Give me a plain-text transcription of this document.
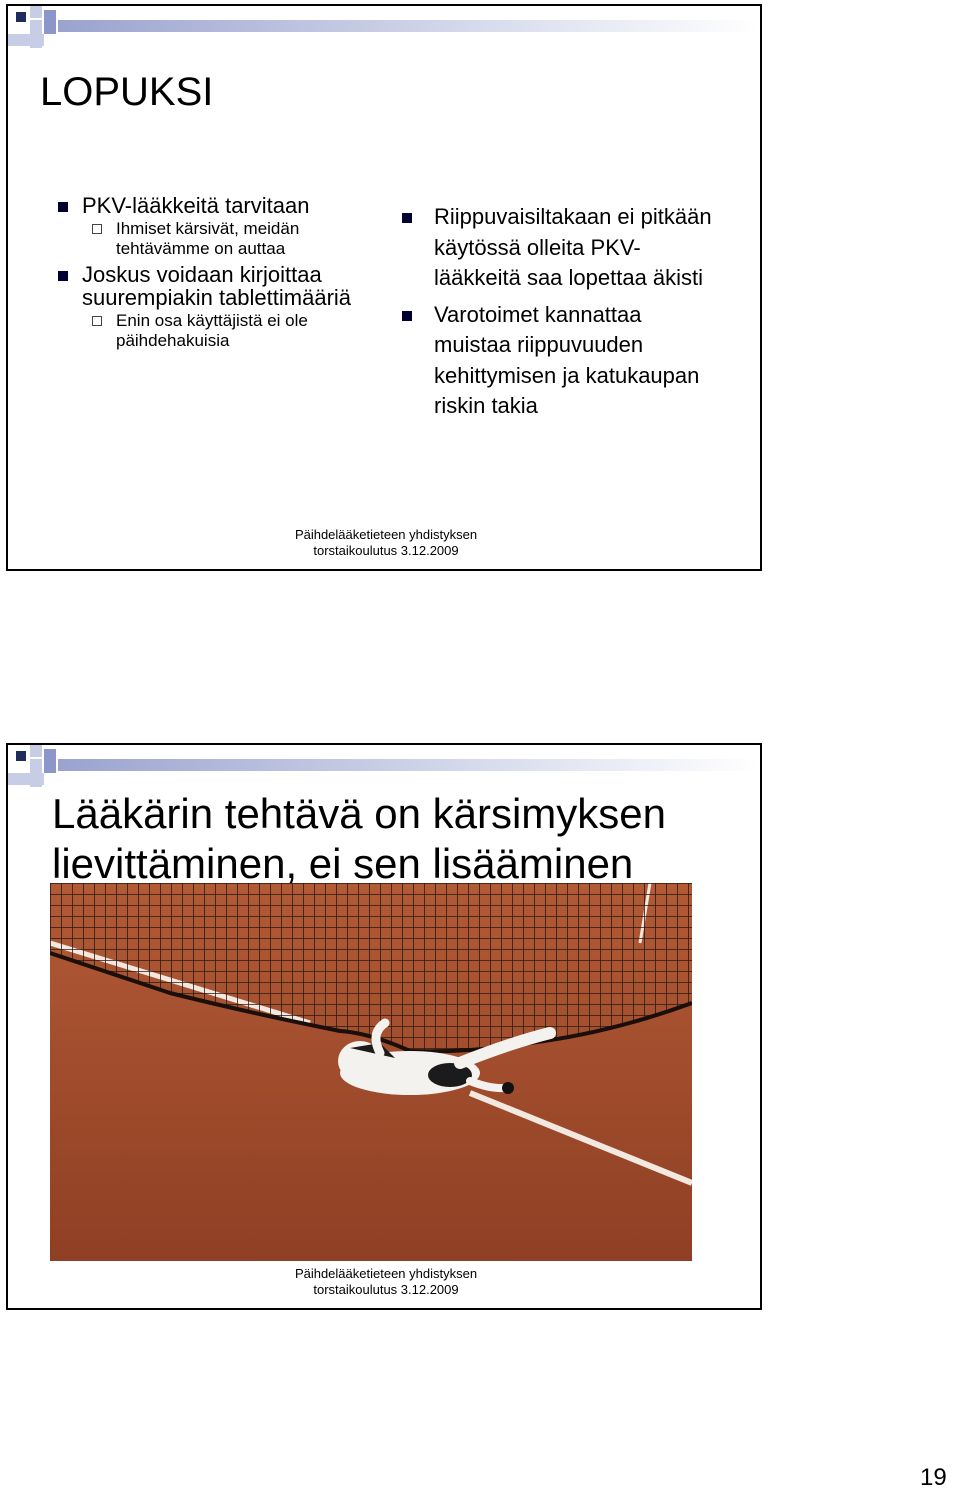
LOPUKSI
PKV-lääkkeitä tarvitaan
Ihmiset kärsivät, meidän tehtävämme on auttaa
Joskus voidaan kirjoittaa suurempiakin tablettimääriä
Enin osa käyttäjistä ei ole päihdehakuisia
Riippuvaisiltakaan ei pitkään käytössä olleita PKV-lääkkeitä saa lopettaa äkisti
Varotoimet kannattaa muistaa riippuvuuden kehittymisen ja katukaupan riskin takia
Päihdelääketieteen yhdistyksen
torstaikoulutus 3.12.2009
Lääkärin tehtävä on kärsimyksen
lievittäminen, ei sen lisääminen
Päihdelääketieteen yhdistyksen
torstaikoulutus 3.12.2009
19
